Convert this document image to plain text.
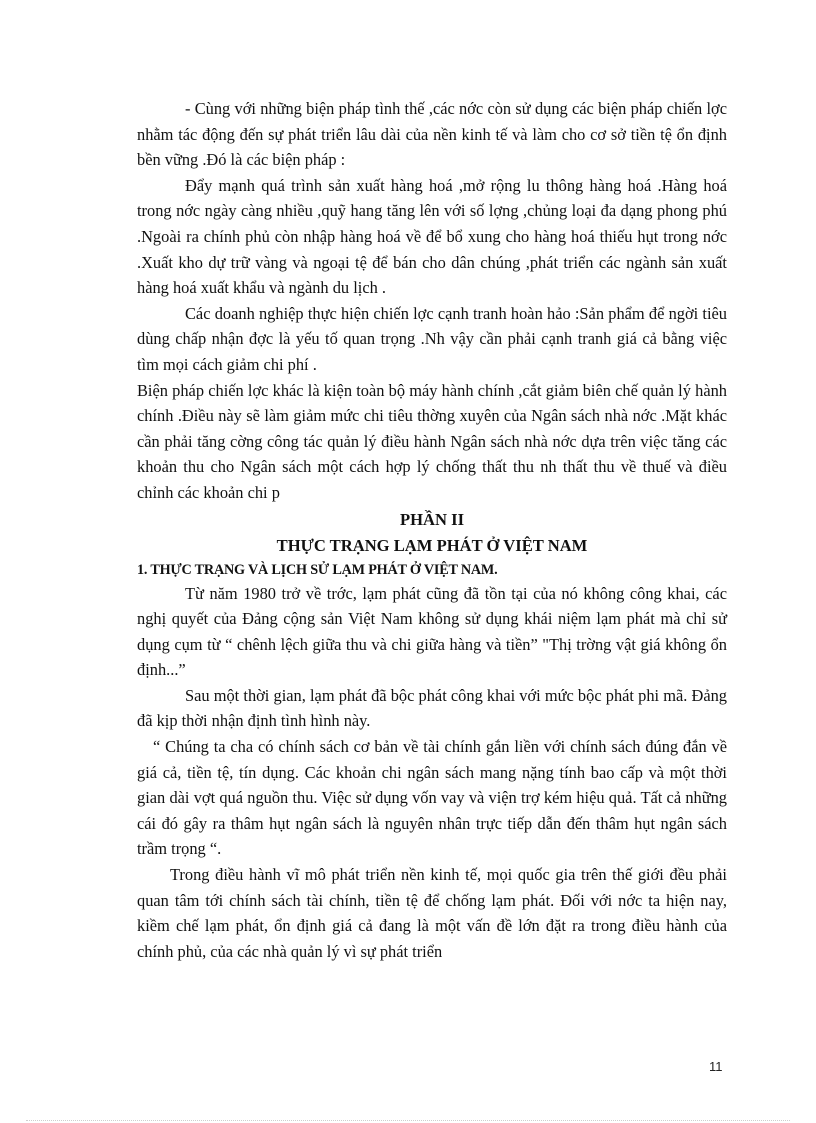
- Cùng với những biện pháp tình thế ,các nớc còn sử dụng các biện pháp chiến lợc nhằm tác động đến sự phát triển lâu dài của nền kinh tế và làm cho cơ sở tiền tệ ổn định bền vững .Đó là các biện pháp :

Đẩy mạnh quá trình sản xuất hàng hoá ,mở rộng lu thông hàng hoá .Hàng hoá trong nớc ngày càng nhiều ,quỹ hang tăng lên với số lợng ,chủng loại đa dạng phong phú .Ngoài ra chính phủ còn nhập hàng hoá về để bổ xung cho hàng hoá thiếu hụt trong nớc .Xuất kho dự trữ vàng và ngoại tệ để bán cho dân chúng ,phát triển các ngành sản xuất hàng hoá xuất khẩu và ngành du lịch .

Các doanh nghiệp thực hiện chiến lợc cạnh tranh hoàn hảo :Sản phẩm để ngời tiêu dùng chấp nhận đợc là yếu tố quan trọng .Nh vậy cần phải cạnh tranh giá cả bằng việc tìm mọi cách giảm chi phí .

Biện pháp chiến lợc khác là kiện toàn bộ máy hành chính ,cắt giảm biên chế quản lý hành chính .Điều này sẽ làm giảm mức chi tiêu thờng xuyên của Ngân sách nhà nớc .Mặt khác cần phải tăng cờng công tác quản lý điều hành Ngân sách nhà nớc dựa trên việc tăng các khoản thu cho Ngân sách một cách hợp lý chống thất thu nh thất thu về thuế và điều chỉnh các khoản chi p

PHẦN II

THỰC TRẠNG LẠM PHÁT Ở VIỆT NAM

1. THỰC TRẠNG VÀ LỊCH SỬ LẠM PHÁT Ở VIỆT NAM.

Từ năm 1980 trở về trớc, lạm phát cũng đã tồn tại của nó không công khai, các nghị quyết của Đảng cộng sản Việt Nam không sử dụng khái niệm lạm phát mà chỉ sử dụng cụm từ “ chênh lệch giữa thu và chi giữa hàng và tiền” "Thị trờng vật giá không ổn định...”

Sau một thời gian, lạm phát đã bộc phát công khai với mức bộc phát phi mã. Đảng đã kịp thời nhận định tình hình này.

“ Chúng ta cha có chính sách cơ bản về tài chính gắn liền với chính sách đúng đắn về giá cả, tiền tệ, tín dụng. Các khoản chi ngân sách mang nặng tính bao cấp và một thời gian dài vợt quá nguồn thu. Việc sử dụng vốn vay và viện trợ kém hiệu quả. Tất cả những cái đó gây ra thâm hụt ngân sách là nguyên nhân trực tiếp dẫn đến thâm hụt ngân sách trầm trọng “.

Trong điều hành vĩ mô phát triển nền kinh tế, mọi quốc gia trên thế giới đều phải quan tâm tới chính sách tài chính, tiền tệ để chống lạm phát. Đối với nớc ta hiện nay, kiềm chế lạm phát, ổn định giá cả đang là một vấn đề lớn đặt ra trong điều hành của chính phủ, của các nhà quản lý vì sự phát triển

11
